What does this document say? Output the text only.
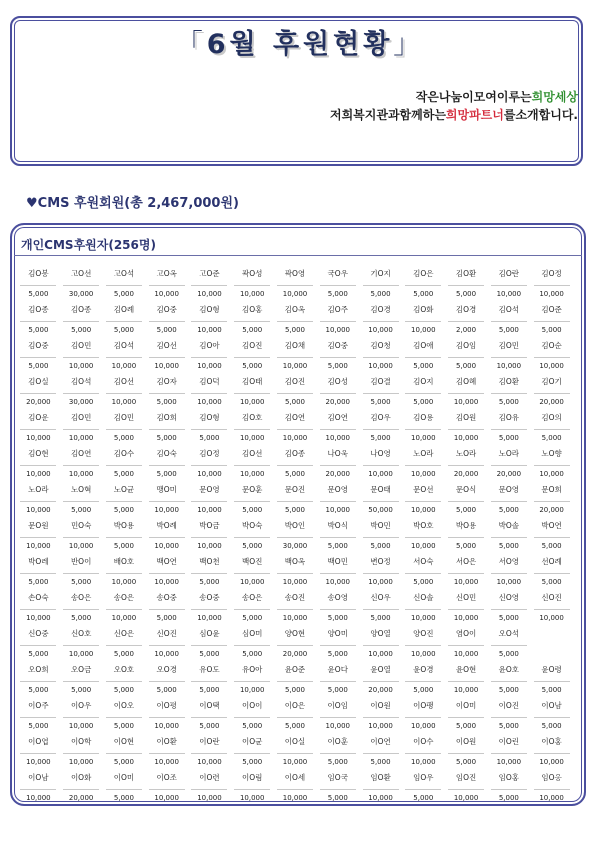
「6월 후원현황」
작은나눔이모여이루는희망세상
저희복지관과함께하는희망파트너를소개합니다.
♥CMS 후원회원(총 2,467,000원)
개인CMS후원자(256명)
김O봉
5,000
고O선
30,000
고O석
5,000
고O옥
10,000
고O준
10,000
곽O성
10,000
곽O영
10,000
국O우
5,000
기O지
5,000
김O은
5,000
김O환
5,000
김O란
10,000
김O정
10,000
김O종
5,000
김O종
5,000
김O례
5,000
김O중
5,000
김O형
10,000
김O홍
5,000
김O옥
5,000
김O주
10,000
김O경
10,000
김O화
10,000
김O경
2,000
김O석
5,000
김O준
5,000
김O중
5,000
김O민
10,000
김O석
10,000
김O선
10,000
김O아
10,000
김O진
5,000
김O채
10,000
김O중
5,000
김O청
10,000
김O애
5,000
김O임
5,000
김O민
10,000
김O순
10,000
김O실
20,000
김O석
30,000
김O선
10,000
김O자
5,000
김O덕
10,000
김O태
10,000
김O진
5,000
김O성
20,000
김O결
5,000
김O지
5,000
김O혜
10,000
김O환
5,000
김O기
20,000
김O운
10,000
김O민
10,000
김O민
5,000
김O희
5,000
김O형
5,000
김O호
10,000
김O연
10,000
김O연
10,000
김O우
5,000
김O용
10,000
김O원
10,000
김O유
5,000
김O의
5,000
김O현
10,000
김O연
10,000
김O수
5,000
김O숙
5,000
김O정
10,000
김O선
10,000
김O종
5,000
나O욱
20,000
나O영
10,000
노O라
10,000
노O라
20,000
노O라
20,000
노O향
10,000
노O라
10,000
노O혁
5,000
노O균
5,000
맹O미
10,000
문O영
10,000
문O훈
5,000
문O진
5,000
문O영
10,000
문O태
50,000
문O선
10,000
문O식
5,000
문O영
5,000
문O희
20,000
문O원
10,000
민O숙
10,000
박O용
5,000
박O례
10,000
박O금
10,000
박O숙
5,000
박O인
30,000
박O식
5,000
박O민
5,000
박O호
10,000
박O용
5,000
박O솔
5,000
박O연
5,000
박O레
5,000
반O이
5,000
배O호
10,000
백O연
10,000
백O천
5,000
백O진
10,000
백O옥
10,000
백O민
10,000
변O정
10,000
서O숙
5,000
서O은
10,000
서O영
10,000
선O례
5,000
손O숙
10,000
송O은
5,000
송O은
10,000
송O중
5,000
송O중
10,000
송O은
5,000
송O진
10,000
송O영
5,000
신O우
5,000
신O솔
10,000
신O민
10,000
신O영
5,000
신O진
10,000
신O중
5,000
신O호
10,000
신O은
5,000
신O진
10,000
심O윤
5,000
심O미
5,000
양O현
20,000
양O미
5,000
양O열
10,000
양O진
10,000
염O이
10,000
오O석
5,000
오O희
5,000
오O금
5,000
오O호
5,000
오O경
5,000
유O도
5,000
유O아
10,000
윤O준
5,000
윤O다
5,000
윤O열
20,000
윤O경
5,000
윤O현
10,000
윤O호
5,000
윤O령
5,000
이O주
5,000
이O우
10,000
이O오
5,000
이O평
10,000
이O택
5,000
이O이
5,000
이O은
5,000
이O임
10,000
이O원
10,000
이O팽
10,000
이O미
5,000
이O진
5,000
이O남
5,000
이O엽
10,000
이O학
10,000
이O현
5,000
이O환
10,000
이O란
10,000
이O균
5,000
이O실
10,000
이O훈
5,000
이O연
5,000
이O수
10,000
이O원
5,000
이O린
10,000
이O홍
10,000
이O남
10,000
이O화
20,000
이O미
5,000
이O조
10,000
이O련
10,000
이O림
10,000
이O세
10,000
임O국
5,000
임O환
10,000
임O우
5,000
임O진
10,000
임O홍
5,000
임O옹
10,000
